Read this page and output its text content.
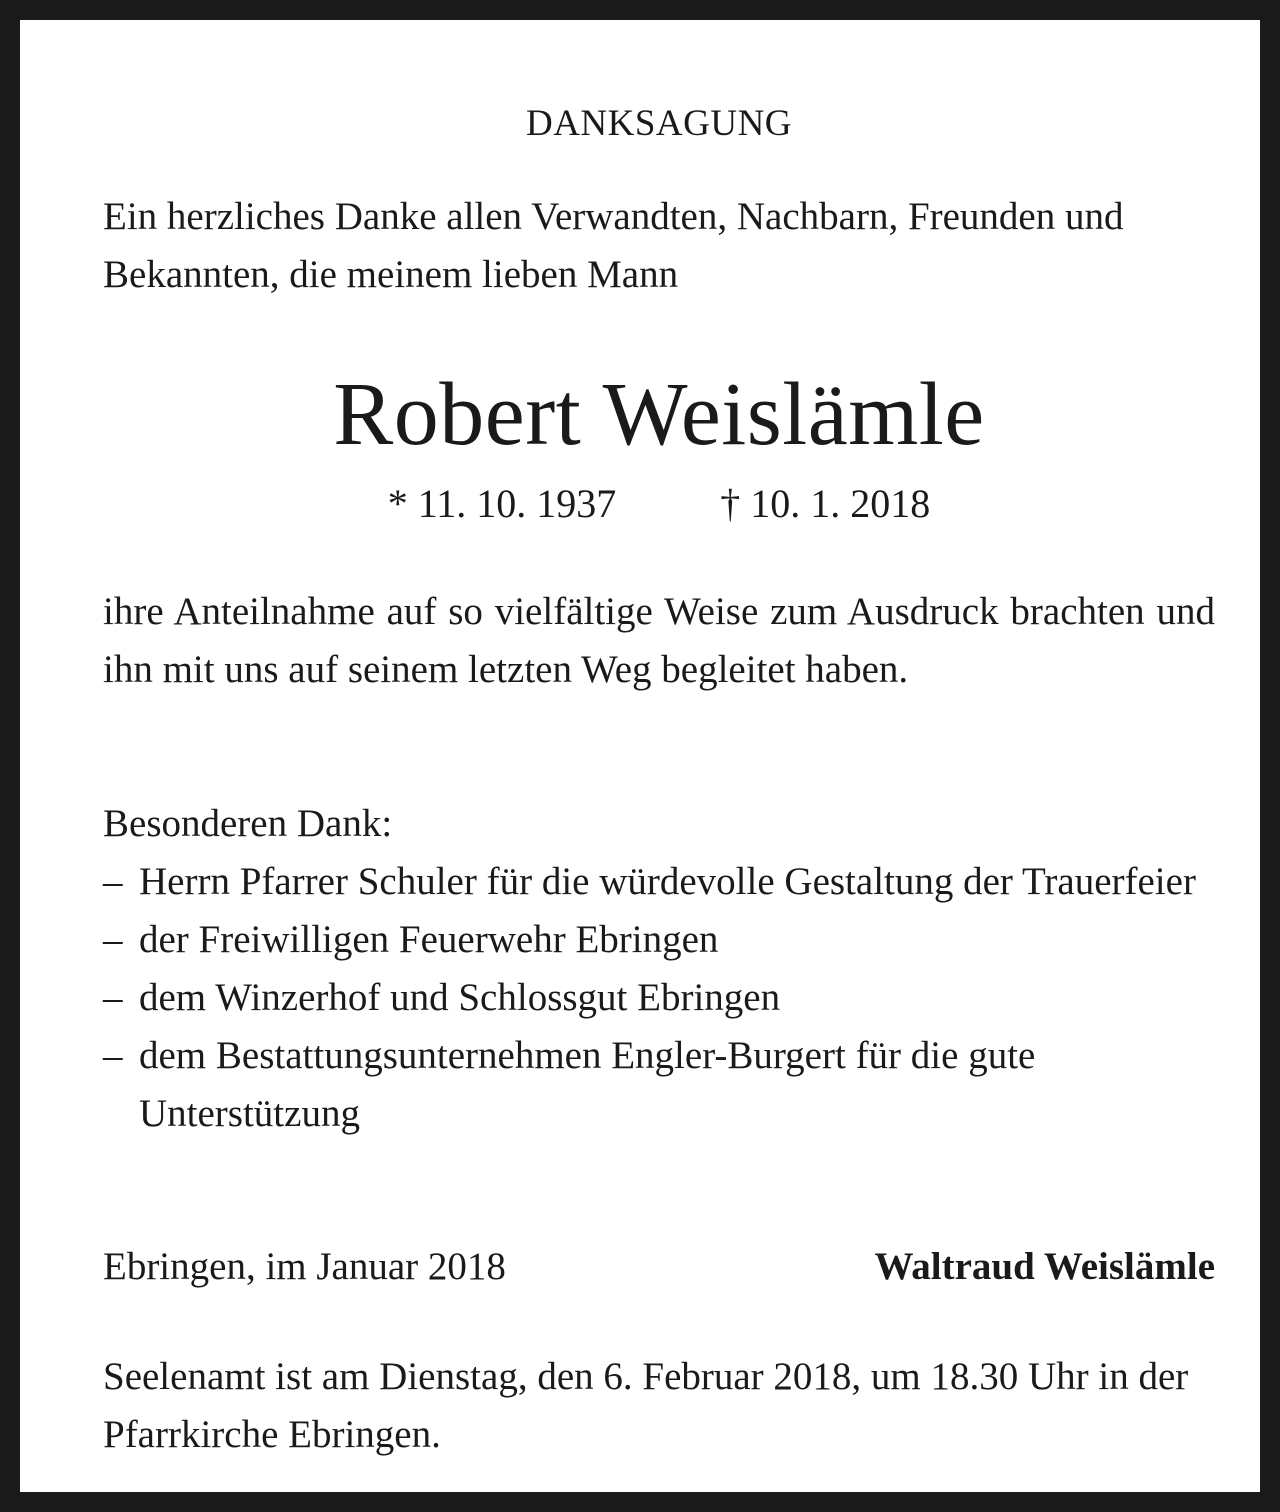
DANKSAGUNG
Ein herzliches Danke allen Verwandten, Nachbarn, Freunden und Bekannten, die meinem lieben Mann
Robert Weislämle
* 11. 10. 1937	† 10. 1. 2018
ihre Anteilnahme auf so vielfältige Weise zum Ausdruck brachten und ihn mit uns auf seinem letzten Weg begleitet haben.
Besonderen Dank:
– Herrn Pfarrer Schuler für die würdevolle Gestaltung der Trauerfeier
– der Freiwilligen Feuerwehr Ebringen
– dem Winzerhof und Schlossgut Ebringen
– dem Bestattungsunternehmen Engler-Burgert für die gute Unterstützung
Ebringen, im Januar 2018	Waltraud Weislämle
Seelenamt ist am Dienstag, den 6. Februar 2018, um 18.30 Uhr in der Pfarrkirche Ebringen.
